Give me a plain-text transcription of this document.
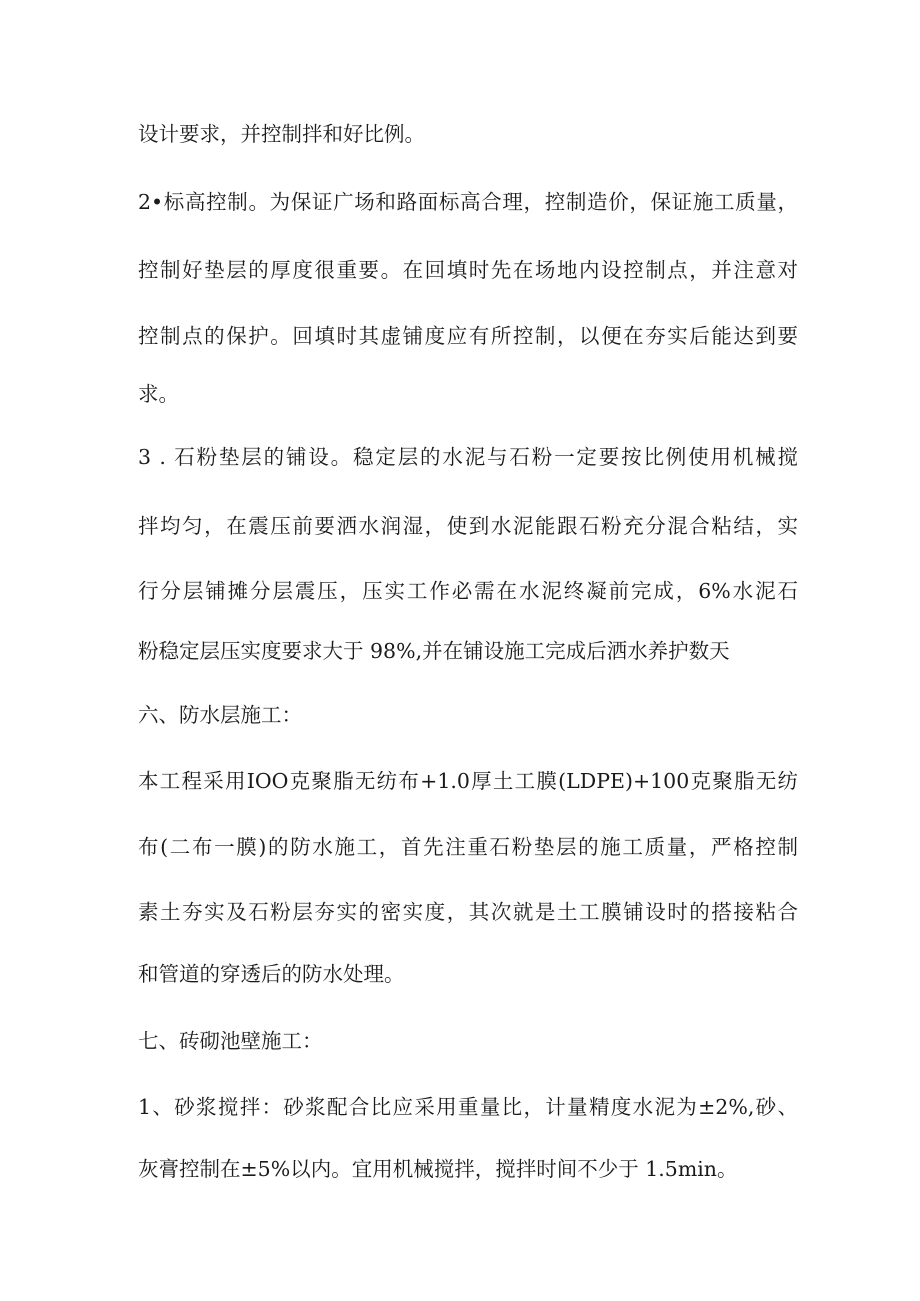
设计要求，并控制拌和好比例。

2•标高控制。为保证广场和路面标高合理，控制造价，保证施工质量，

控制好垫层的厚度很重要。在回填时先在场地内设控制点，并注意对

控制点的保护。回填时其虚铺度应有所控制，以便在夯实后能达到要

求。

3 . 石粉垫层的铺设。稳定层的水泥与石粉一定要按比例使用机械搅

拌均匀，在震压前要洒水润湿，使到水泥能跟石粉充分混合粘结，实

行分层铺摊分层震压，压实工作必需在水泥终凝前完成，6%水泥石

粉稳定层压实度要求大于 98%,并在铺设施工完成后洒水养护数天

六、防水层施工：

本工程采用IOO克聚脂无纺布+1.0厚土工膜(LDPE)+100克聚脂无纺

布(二布一膜)的防水施工，首先注重石粉垫层的施工质量，严格控制

素土夯实及石粉层夯实的密实度，其次就是土工膜铺设时的搭接粘合

和管道的穿透后的防水处理。

七、砖砌池壁施工：

1、砂浆搅拌：砂浆配合比应采用重量比，计量精度水泥为±2%,砂、

灰膏控制在±5%以内。宜用机械搅拌，搅拌时间不少于 1.5min。
